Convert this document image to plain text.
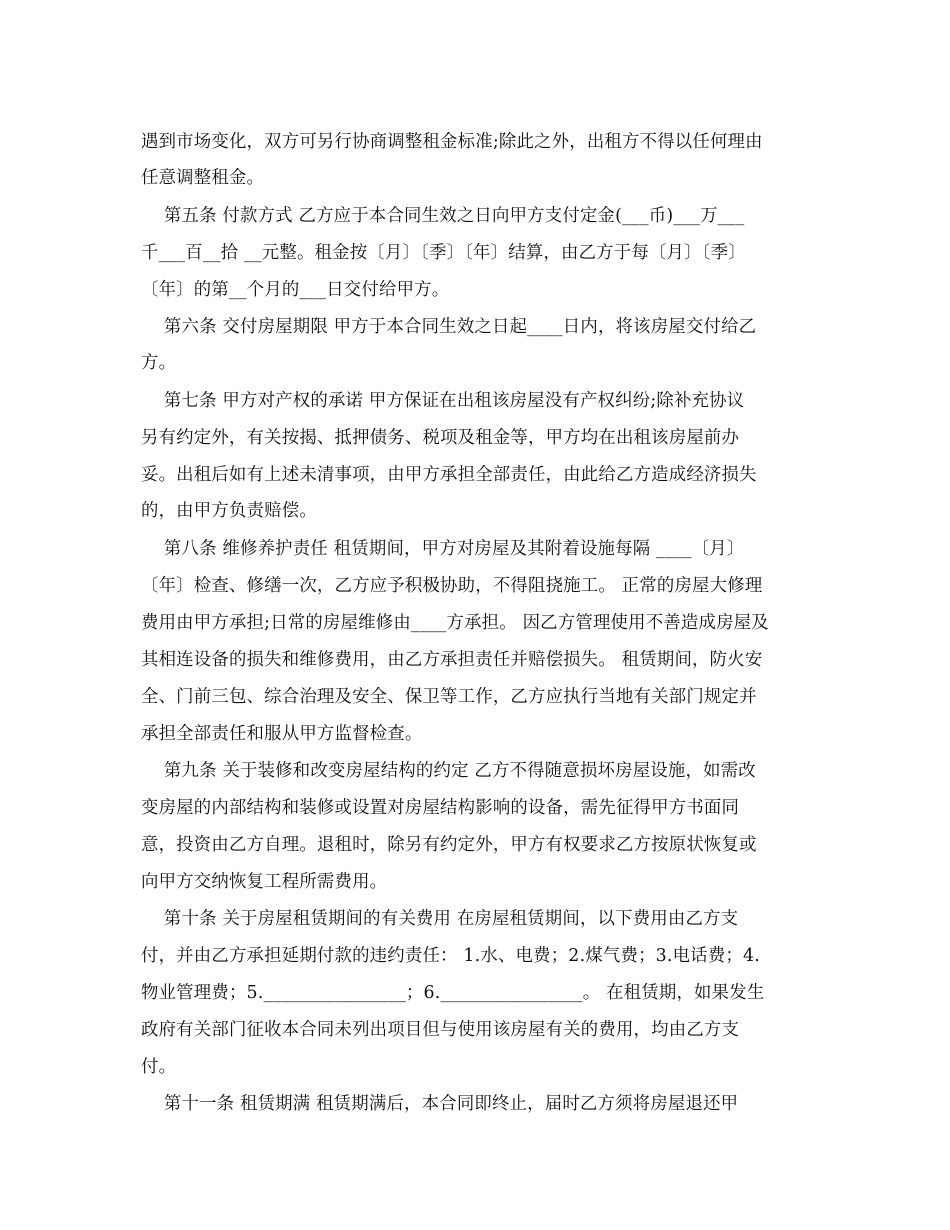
遇到市场变化，双方可另行协商调整租金标准;除此之外，出租方不得以任何理由
任意调整租金。
第五条 付款方式 乙方应于本合同生效之日向甲方支付定金(___币)___万___
千___百__拾 __元整。租金按〔月〕〔季〕〔年〕结算，由乙方于每〔月〕〔季〕
〔年〕的第__个月的___日交付给甲方。
第六条 交付房屋期限 甲方于本合同生效之日起____日内，将该房屋交付给乙
方。
第七条 甲方对产权的承诺 甲方保证在出租该房屋没有产权纠纷;除补充协议
另有约定外，有关按揭、抵押债务、税项及租金等，甲方均在出租该房屋前办
妥。出租后如有上述未清事项，由甲方承担全部责任，由此给乙方造成经济损失
的，由甲方负责赔偿。
第八条 维修养护责任 租赁期间，甲方对房屋及其附着设施每隔 ____〔月〕
〔年〕检查、修缮一次，乙方应予积极协助，不得阻挠施工。 正常的房屋大修理
费用由甲方承担;日常的房屋维修由____方承担。 因乙方管理使用不善造成房屋及
其相连设备的损失和维修费用，由乙方承担责任并赔偿损失。 租赁期间，防火安
全、门前三包、综合治理及安全、保卫等工作，乙方应执行当地有关部门规定并
承担全部责任和服从甲方监督检查。
第九条 关于装修和改变房屋结构的约定 乙方不得随意损坏房屋设施，如需改
变房屋的内部结构和装修或设置对房屋结构影响的设备，需先征得甲方书面同
意，投资由乙方自理。退租时，除另有约定外，甲方有权要求乙方按原状恢复或
向甲方交纳恢复工程所需费用。
第十条 关于房屋租赁期间的有关费用 在房屋租赁期间，以下费用由乙方支
付，并由乙方承担延期付款的违约责任： 1.水、电费；2.煤气费；3.电话费；4.
物业管理费；5.________________；6.________________。 在租赁期，如果发生
政府有关部门征收本合同未列出项目但与使用该房屋有关的费用，均由乙方支
付。
第十一条 租赁期满 租赁期满后，本合同即终止，届时乙方须将房屋退还甲
